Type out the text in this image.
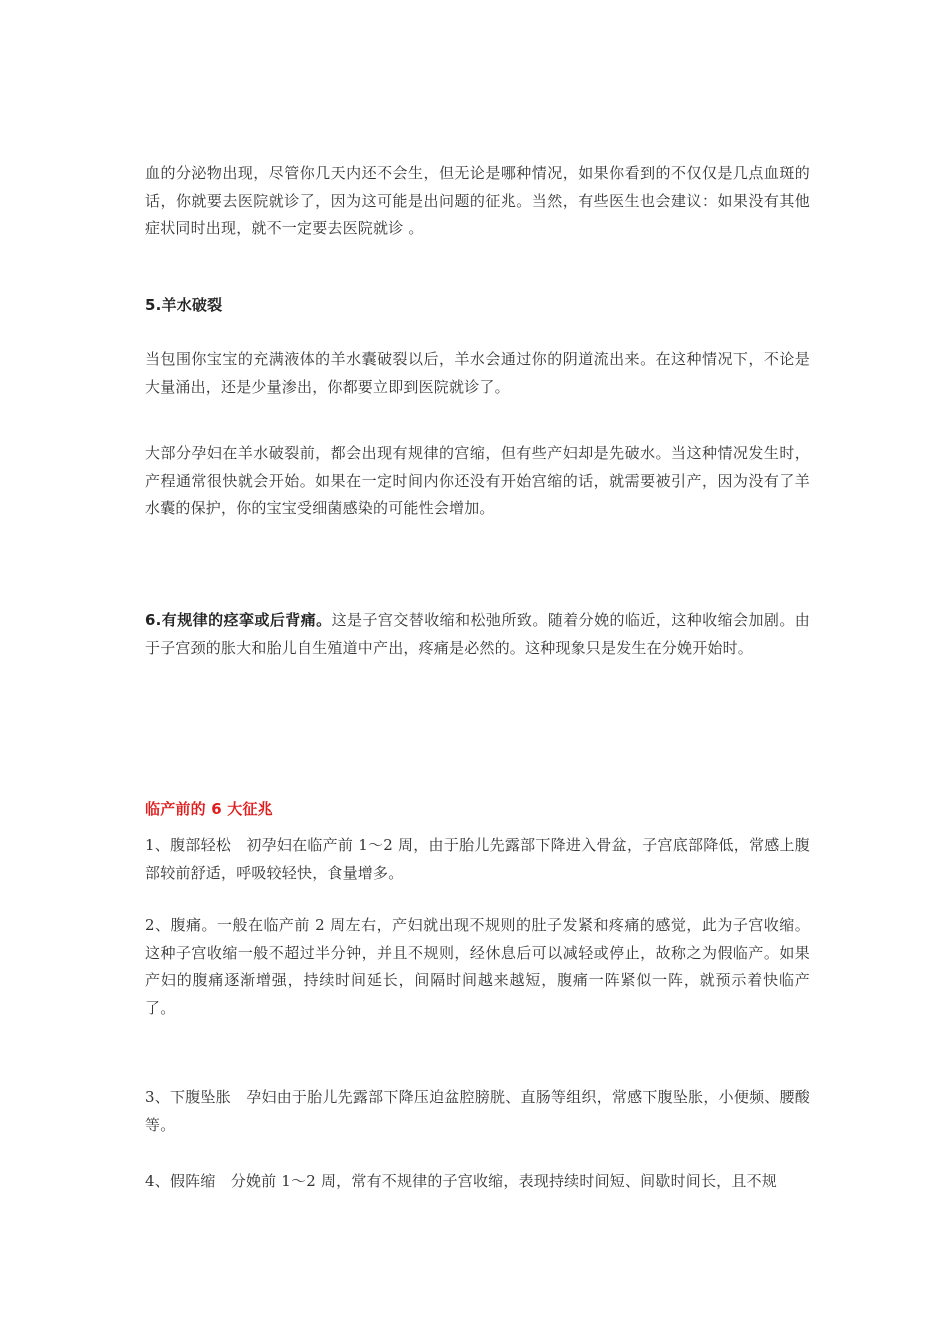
血的分泌物出现，尽管你几天内还不会生，但无论是哪种情况，如果你看到的不仅仅是几点血斑的话，你就要去医院就诊了，因为这可能是出问题的征兆。当然，有些医生也会建议：如果没有其他症状同时出现，就不一定要去医院就诊 。

5.羊水破裂

当包围你宝宝的充满液体的羊水囊破裂以后，羊水会通过你的阴道流出来。在这种情况下，不论是大量涌出，还是少量渗出，你都要立即到医院就诊了。

大部分孕妇在羊水破裂前，都会出现有规律的宫缩，但有些产妇却是先破水。当这种情况发生时，产程通常很快就会开始。如果在一定时间内你还没有开始宫缩的话，就需要被引产，因为没有了羊水囊的保护，你的宝宝受细菌感染的可能性会增加。

6.有规律的痉挛或后背痛。这是子宫交替收缩和松弛所致。随着分娩的临近，这种收缩会加剧。由于子宫颈的胀大和胎儿自生殖道中产出，疼痛是必然的。这种现象只是发生在分娩开始时。

临产前的 6 大征兆

1、腹部轻松　初孕妇在临产前 1～2 周，由于胎儿先露部下降进入骨盆，子宫底部降低，常感上腹部较前舒适，呼吸较轻快，食量增多。

2、腹痛。一般在临产前 2 周左右，产妇就出现不规则的肚子发紧和疼痛的感觉，此为子宫收缩。这种子宫收缩一般不超过半分钟，并且不规则，经休息后可以减轻或停止，故称之为假临产。如果产妇的腹痛逐渐增强，持续时间延长，间隔时间越来越短，腹痛一阵紧似一阵，就预示着快临产了。

3、下腹坠胀　孕妇由于胎儿先露部下降压迫盆腔膀胱、直肠等组织，常感下腹坠胀，小便频、腰酸等。

4、假阵缩　分娩前 1～2 周，常有不规律的子宫收缩，表现持续时间短、间歇时间长，且不规
